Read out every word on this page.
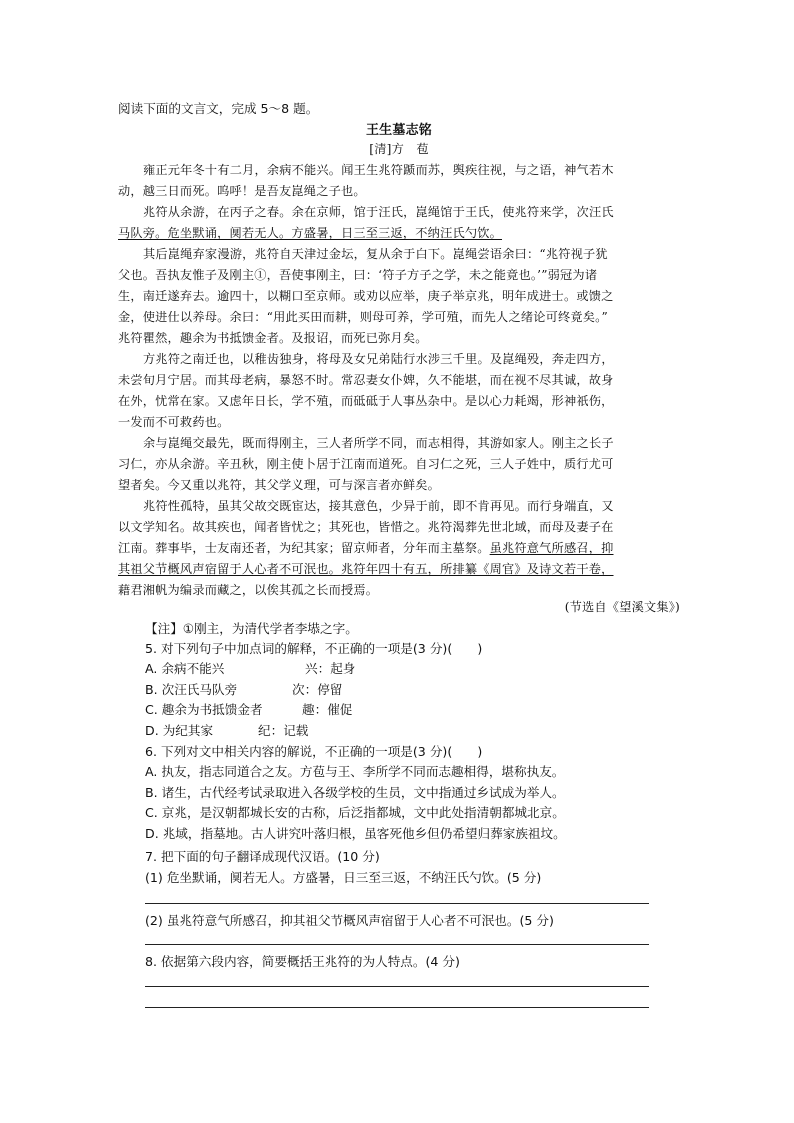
阅读下面的文言文，完成 5～8 题。
王生墓志铭
[清]方　苞
雍正元年冬十有二月，余病不能兴。闻王生兆符踬而苏，舆疾往视，与之语，神气若木
动，越三日而死。呜呼！是吾友崑绳之子也。
兆符从余游，在丙子之春。余在京师，馆于汪氏，崑绳馆于王氏，使兆符来学，次汪氏
马队旁。危坐默诵，阒若无人。方盛暑，日三至三返，不纳汪氏勺饮。
其后崑绳弃家漫游，兆符自天津过金坛，复从余于白下。崑绳尝语余曰：“兆符视子犹
父也。吾执友惟子及刚主①，吾使事刚主，曰：‘符子方子之学，未之能竟也。’”弱冠为诸
生，南迁遂弃去。逾四十，以糊口至京师。或劝以应举，庚子举京兆，明年成进士。或馈之
金，使进仕以养母。余曰：“用此买田而耕，则母可养，学可殖，而先人之绪论可终竟矣。”
兆符瞿然，趣余为书抵馈金者。及报诏，而死已弥月矣。
方兆符之南迁也，以稚齿独身，将母及女兄弟陆行水涉三千里。及崑绳殁，奔走四方，
未尝旬月宁居。而其母老病，暴怒不时。常忍妻女仆婢，久不能堪，而在视不尽其诚，故身
在外，忧常在家。又虑年日长，学不殖，而砥砥于人事丛杂中。是以心力耗竭，形神祇伤，
一发而不可救药也。
余与崑绳交最先，既而得刚主，三人者所学不同，而志相得，其游如家人。刚主之长子
习仁，亦从余游。辛丑秋，刚主使卜居于江南而道死。自习仁之死，三人子姓中，质行尤可
望者矣。今又重以兆符，其父学义理，可与深言者亦鲜矣。
兆符性孤特，虽其父故交既宦达，接其意色，少异于前，即不肯再见。而行身端直，又
以文学知名。故其疾也，闻者皆忧之；其死也，皆惜之。兆符渴葬先世北域，而母及妻子在
江南。葬事毕，士友南还者，为纪其家；留京师者，分年而主墓祭。虽兆符意气所感召，抑
其祖父节概风声宿留于人心者不可泯也。兆符年四十有五，所排纂《周官》及诗文若干卷，
藉君湘帆为编录而藏之，以俟其孤之长而授焉。
(节选自《望溪文集》)
【注】①刚主，为清代学者李塨之字。
5. 对下列句子中加点词的解释，不正确的一项是(3 分)(　　)
A. 余病不能兴	兴：起身
B. 次汪氏马队旁	次：停留
C. 趣余为书抵馈金者	趣：催促
D. 为纪其家	纪：记载
6. 下列对文中相关内容的解说，不正确的一项是(3 分)(　　)
A. 执友，指志同道合之友。方苞与王、李所学不同而志趣相得，堪称执友。
B. 诸生，古代经考试录取进入各级学校的生员，文中指通过乡试成为举人。
C. 京兆，是汉朝都城长安的古称，后泛指都城，文中此处指清朝都城北京。
D. 兆域，指墓地。古人讲究叶落归根，虽客死他乡但仍希望归葬家族祖坟。
7. 把下面的句子翻译成现代汉语。(10 分)
(1) 危坐默诵，阒若无人。方盛暑，日三至三返，不纳汪氏勺饮。(5 分)
(2) 虽兆符意气所感召，抑其祖父节概风声宿留于人心者不可泯也。(5 分)
8. 依据第六段内容，简要概括王兆符的为人特点。(4 分)
